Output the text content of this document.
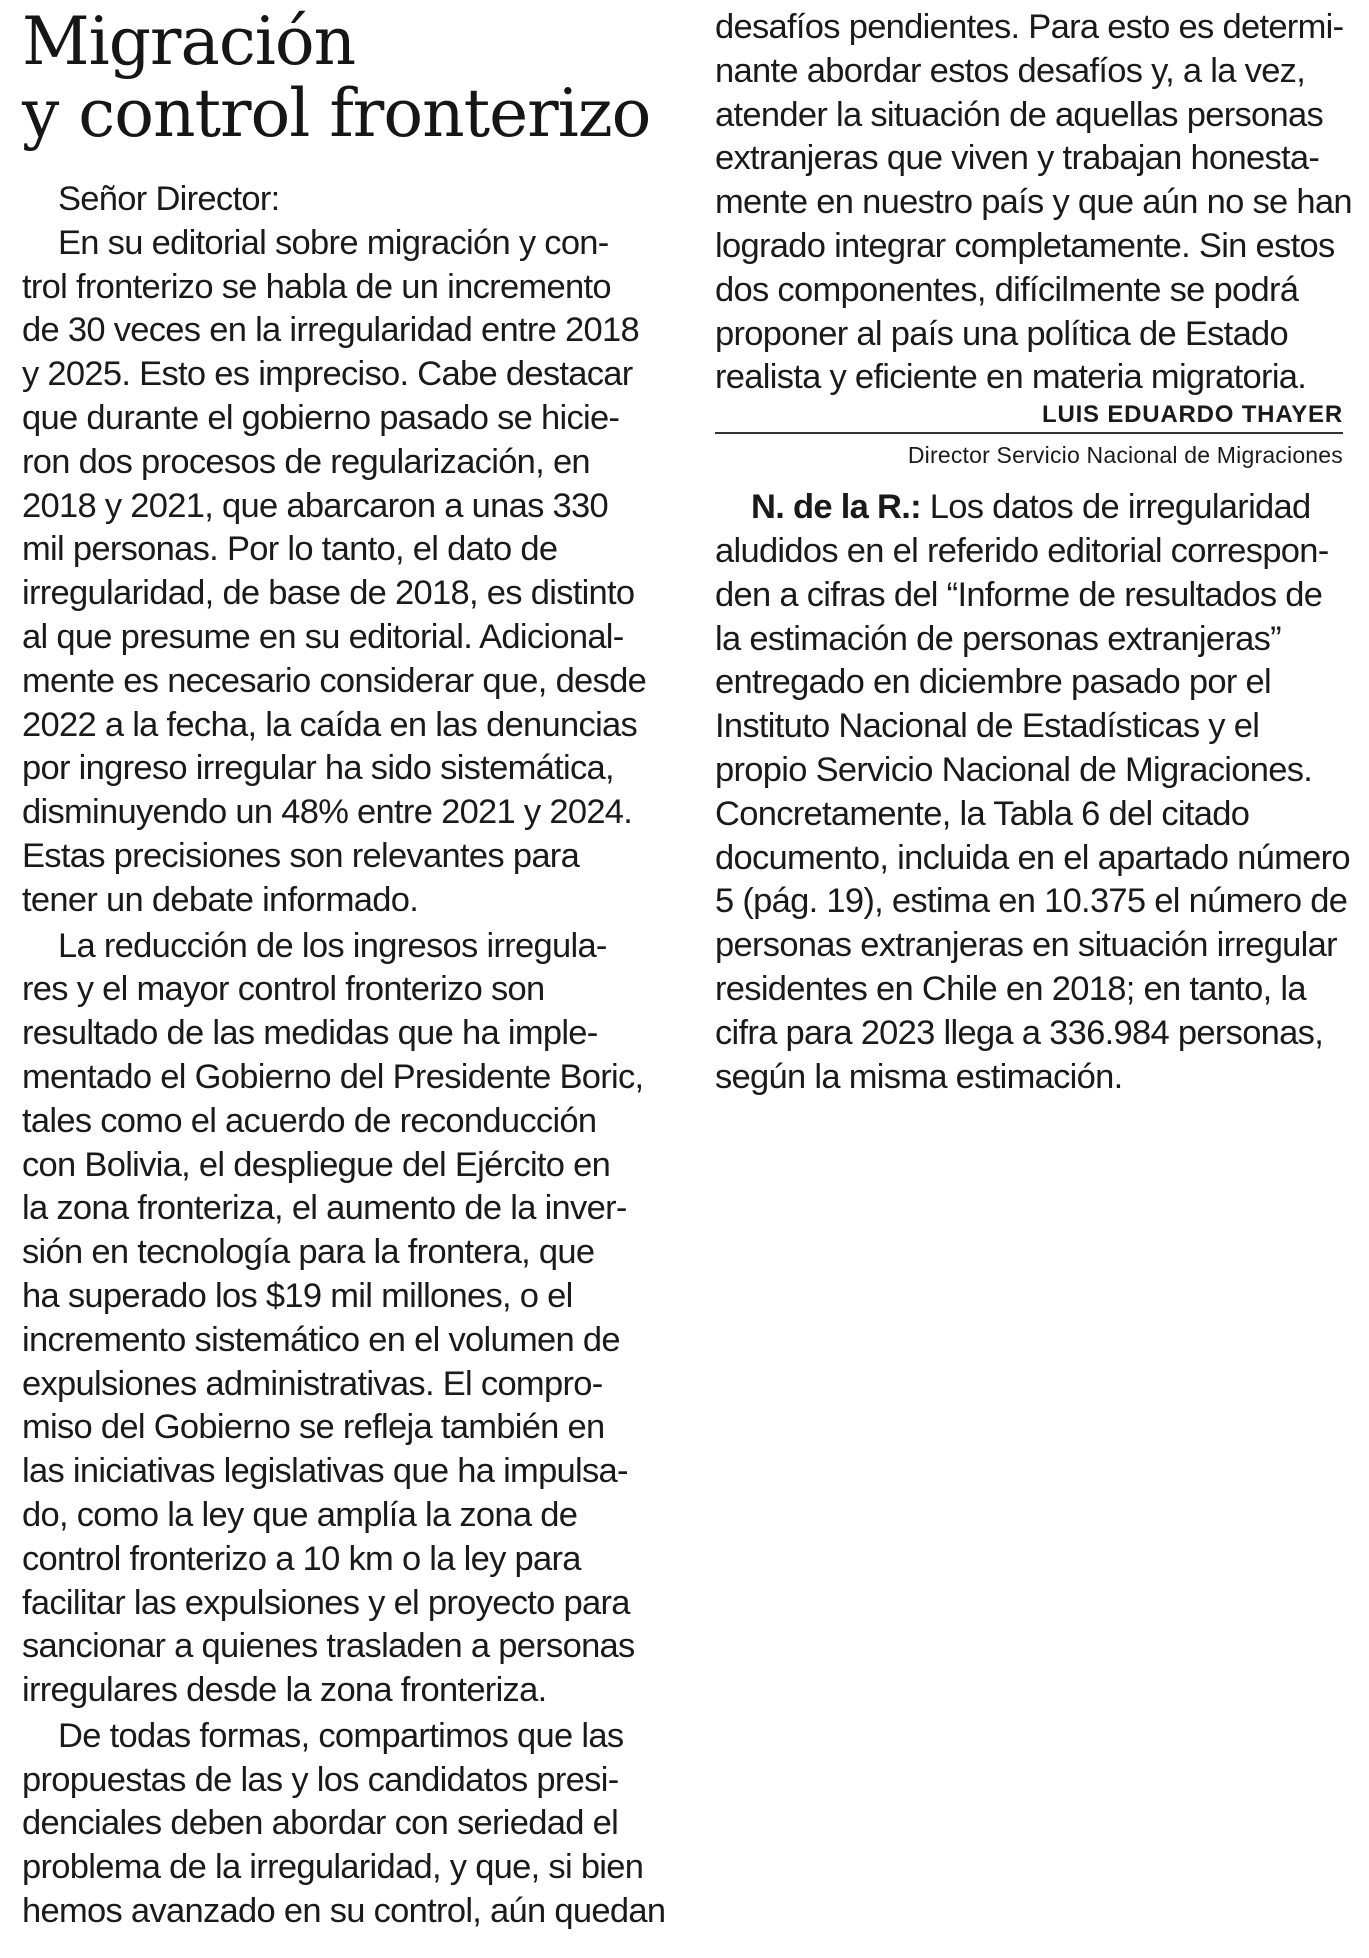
Migración
y control fronterizo
Señor Director:
En su editorial sobre migración y con-
trol fronterizo se habla de un incremento
de 30 veces en la irregularidad entre 2018
y 2025. Esto es impreciso. Cabe destacar
que durante el gobierno pasado se hicie-
ron dos procesos de regularización, en
2018 y 2021, que abarcaron a unas 330
mil personas. Por lo tanto, el dato de
irregularidad, de base de 2018, es distinto
al que presume en su editorial. Adicional-
mente es necesario considerar que, desde
2022 a la fecha, la caída en las denuncias
por ingreso irregular ha sido sistemática,
disminuyendo un 48% entre 2021 y 2024.
Estas precisiones son relevantes para
tener un debate informado.
La reducción de los ingresos irregula-
res y el mayor control fronterizo son
resultado de las medidas que ha imple-
mentado el Gobierno del Presidente Boric,
tales como el acuerdo de reconducción
con Bolivia, el despliegue del Ejército en
la zona fronteriza, el aumento de la inver-
sión en tecnología para la frontera, que
ha superado los $19 mil millones, o el
incremento sistemático en el volumen de
expulsiones administrativas. El compro-
miso del Gobierno se refleja también en
las iniciativas legislativas que ha impulsa-
do, como la ley que amplía la zona de
control fronterizo a 10 km o la ley para
facilitar las expulsiones y el proyecto para
sancionar a quienes trasladen a personas
irregulares desde la zona fronteriza.
De todas formas, compartimos que las
propuestas de las y los candidatos presi-
denciales deben abordar con seriedad el
problema de la irregularidad, y que, si bien
hemos avanzado en su control, aún quedan
desafíos pendientes. Para esto es determi-
nante abordar estos desafíos y, a la vez,
atender la situación de aquellas personas
extranjeras que viven y trabajan honesta-
mente en nuestro país y que aún no se han
logrado integrar completamente. Sin estos
dos componentes, difícilmente se podrá
proponer al país una política de Estado
realista y eficiente en materia migratoria.
LUIS EDUARDO THAYER
Director Servicio Nacional de Migraciones
N. de la R.: Los datos de irregularidad
aludidos en el referido editorial correspon-
den a cifras del “Informe de resultados de
la estimación de personas extranjeras”
entregado en diciembre pasado por el
Instituto Nacional de Estadísticas y el
propio Servicio Nacional de Migraciones.
Concretamente, la Tabla 6 del citado
documento, incluida en el apartado número
5 (pág. 19), estima en 10.375 el número de
personas extranjeras en situación irregular
residentes en Chile en 2018; en tanto, la
cifra para 2023 llega a 336.984 personas,
según la misma estimación.
